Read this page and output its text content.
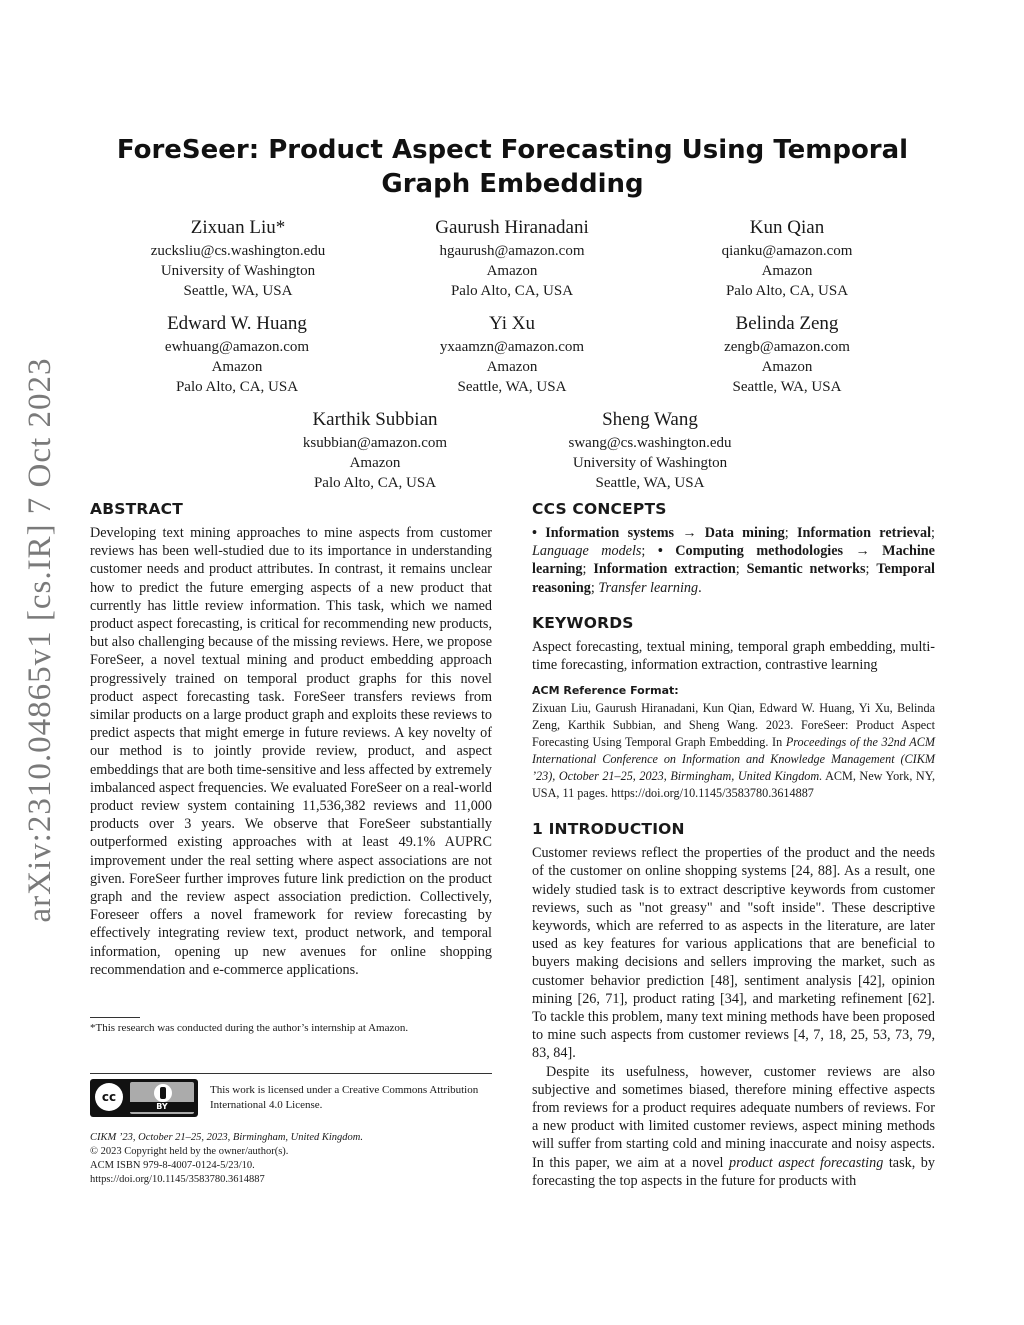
arXiv:2310.04865v1 [cs.IR] 7 Oct 2023
ForeSeer: Product Aspect Forecasting Using Temporal Graph Embedding
Zixuan Liu*
zucksliu@cs.washington.edu
University of Washington
Seattle, WA, USA
Gaurush Hiranadani
hgaurush@amazon.com
Amazon
Palo Alto, CA, USA
Kun Qian
qianku@amazon.com
Amazon
Palo Alto, CA, USA
Edward W. Huang
ewhuang@amazon.com
Amazon
Palo Alto, CA, USA
Yi Xu
yxaamzn@amazon.com
Amazon
Seattle, WA, USA
Belinda Zeng
zengb@amazon.com
Amazon
Seattle, WA, USA
Karthik Subbian
ksubbian@amazon.com
Amazon
Palo Alto, CA, USA
Sheng Wang
swang@cs.washington.edu
University of Washington
Seattle, WA, USA
ABSTRACT
Developing text mining approaches to mine aspects from customer reviews has been well-studied due to its importance in understanding customer needs and product attributes. In contrast, it remains unclear how to predict the future emerging aspects of a new product that currently has little review information. This task, which we named product aspect forecasting, is critical for recommending new products, but also challenging because of the missing reviews. Here, we propose ForeSeer, a novel textual mining and product embedding approach progressively trained on temporal product graphs for this novel product aspect forecasting task. ForeSeer transfers reviews from similar products on a large product graph and exploits these reviews to predict aspects that might emerge in future reviews. A key novelty of our method is to jointly provide review, product, and aspect embeddings that are both time-sensitive and less affected by extremely imbalanced aspect frequencies. We evaluated ForeSeer on a real-world product review system containing 11,536,382 reviews and 11,000 products over 3 years. We observe that ForeSeer substantially outperformed existing approaches with at least 49.1% AUPRC improvement under the real setting where aspect associations are not given. ForeSeer further improves future link prediction on the product graph and the review aspect association prediction. Collectively, Foreseer offers a novel framework for review forecasting by effectively integrating review text, product network, and temporal information, opening up new avenues for online shopping recommendation and e-commerce applications.
CCS CONCEPTS
• Information systems → Data mining; Information retrieval; Language models; • Computing methodologies → Machine learning; Information extraction; Semantic networks; Temporal reasoning; Transfer learning.
KEYWORDS
Aspect forecasting, textual mining, temporal graph embedding, multi-time forecasting, information extraction, contrastive learning
ACM Reference Format:
Zixuan Liu, Gaurush Hiranadani, Kun Qian, Edward W. Huang, Yi Xu, Belinda Zeng, Karthik Subbian, and Sheng Wang. 2023. ForeSeer: Product Aspect Forecasting Using Temporal Graph Embedding. In Proceedings of the 32nd ACM International Conference on Information and Knowledge Management (CIKM ’23), October 21–25, 2023, Birmingham, United Kingdom. ACM, New York, NY, USA, 11 pages. https://doi.org/10.1145/3583780.3614887
1 INTRODUCTION
Customer reviews reflect the properties of the product and the needs of the customer on online shopping systems [24, 88]. As a result, one widely studied task is to extract descriptive keywords from customer reviews, such as "not greasy" and "soft inside". These descriptive keywords, which are referred to as aspects in the literature, are later used as key features for various applications that are beneficial to buyers making decisions and sellers improving the market, such as customer behavior prediction [48], sentiment analysis [42], opinion mining [26, 71], product rating [34], and marketing refinement [62]. To tackle this problem, many text mining methods have been proposed to mine such aspects from customer reviews [4, 7, 18, 25, 53, 73, 79, 83, 84].
Despite its usefulness, however, customer reviews are also subjective and sometimes biased, therefore mining effective aspects from reviews for a product requires adequate numbers of reviews. For a new product with limited customer reviews, aspect mining methods will suffer from starting cold and mining inaccurate and noisy aspects. In this paper, we aim at a novel product aspect forecasting task, by forecasting the top aspects in the future for products with
*This research was conducted during the author’s internship at Amazon.
cc
BY
This work is licensed under a Creative Commons Attribution International 4.0 License.
CIKM ’23, October 21–25, 2023, Birmingham, United Kingdom.
© 2023 Copyright held by the owner/author(s).
ACM ISBN 979-8-4007-0124-5/23/10.
https://doi.org/10.1145/3583780.3614887
